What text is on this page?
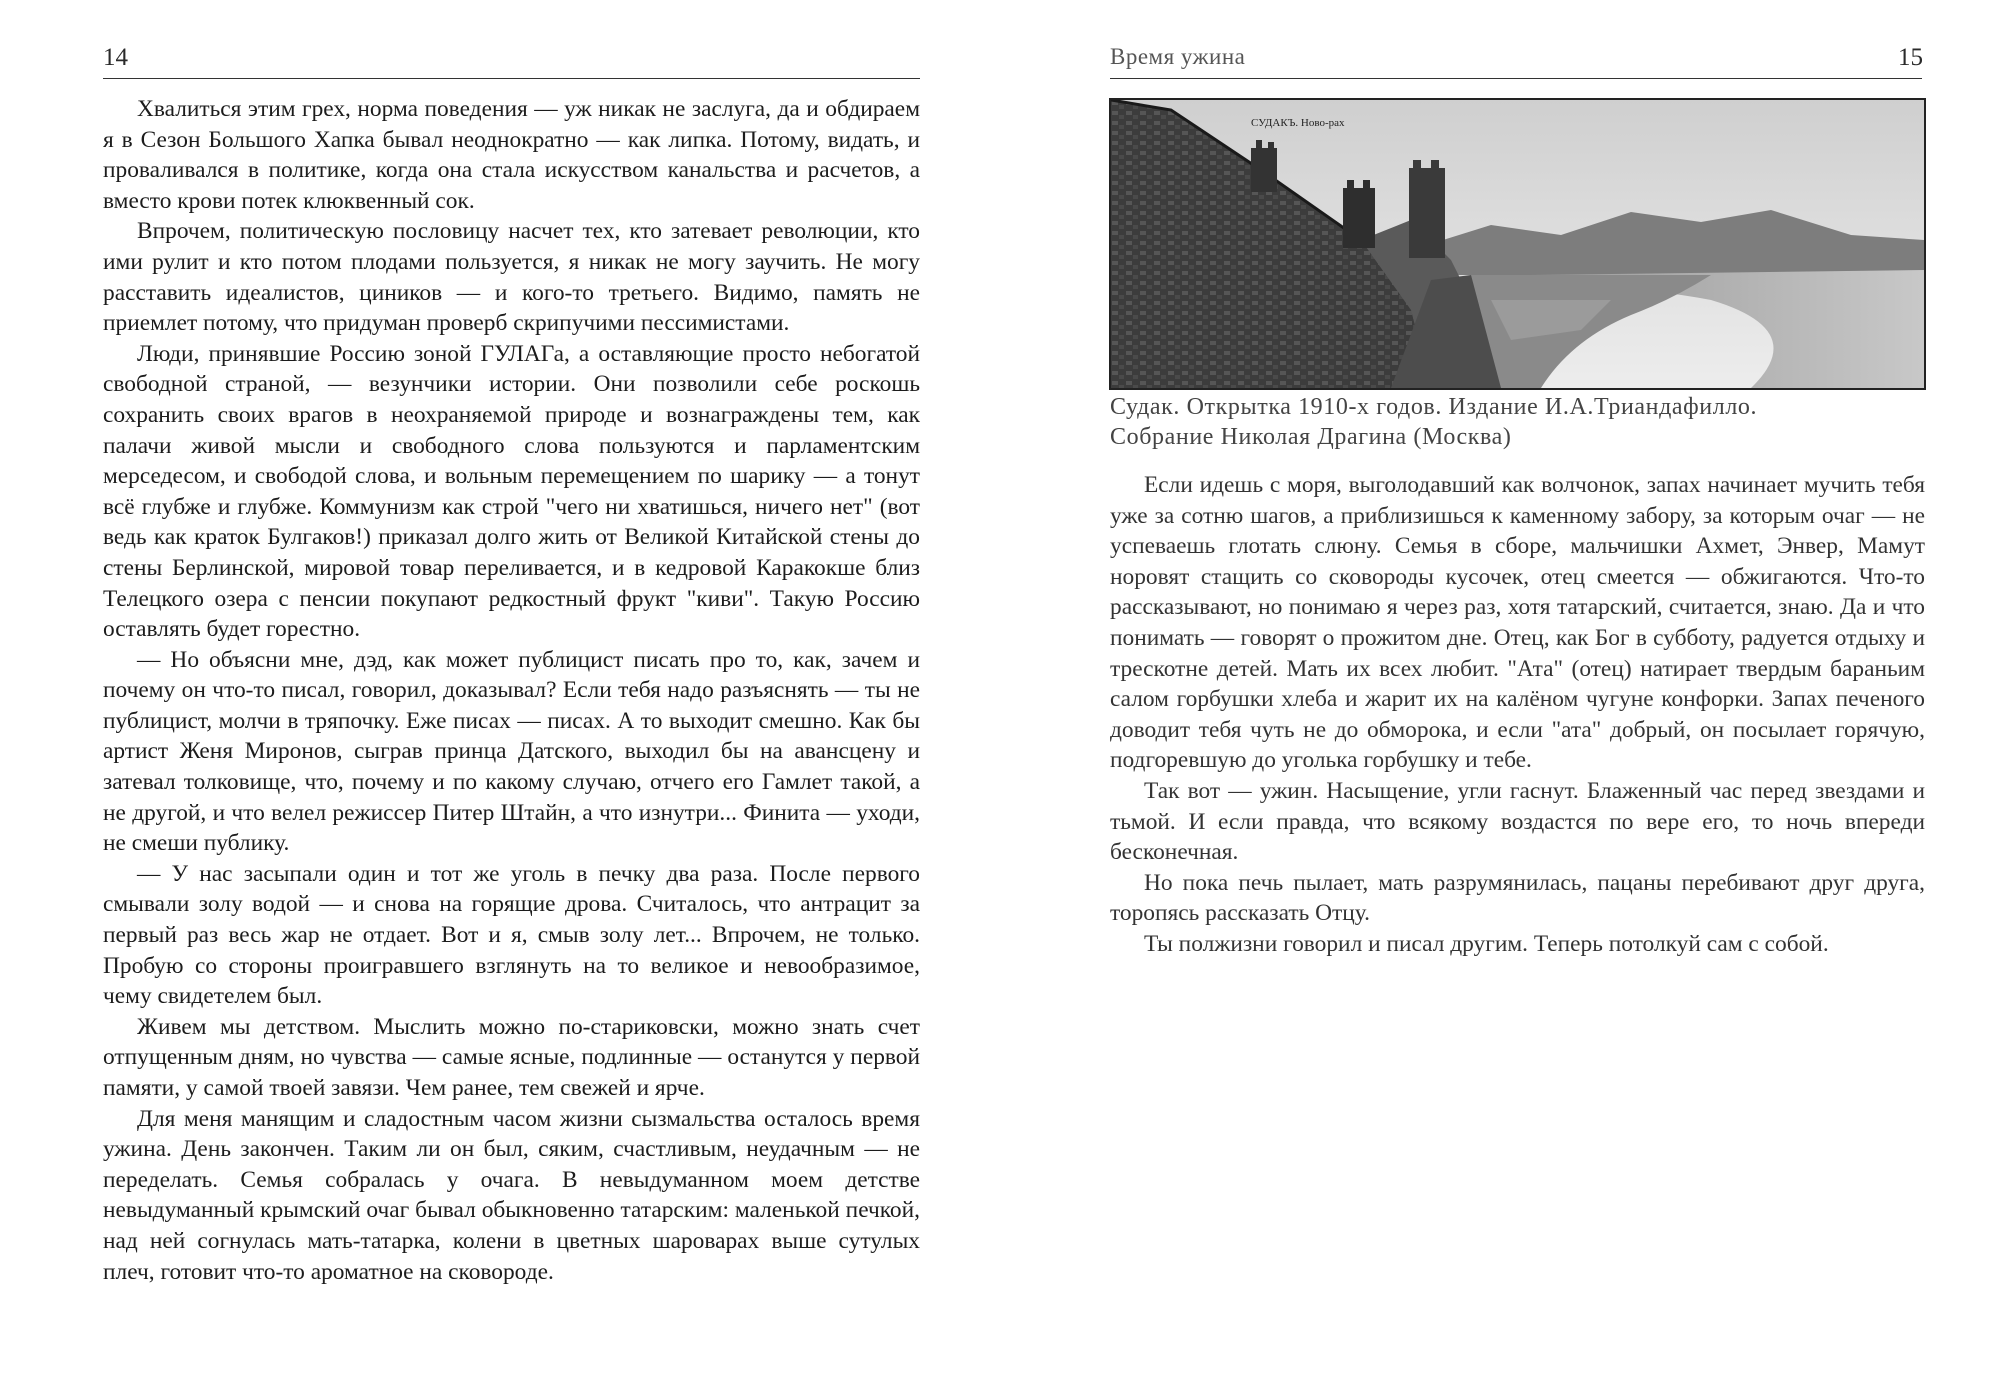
14

Хвалиться этим грех, норма поведения — уж никак не заслуга, да и обдираем я в Сезон Большого Хапка бывал неоднократно — как липка. Потому, видать, и проваливался в политике, когда она стала искусством канальства и расчетов, а вместо крови потек клюквенный сок.

Впрочем, политическую пословицу насчет тех, кто затевает революции, кто ими рулит и кто потом плодами пользуется, я никак не могу заучить. Не могу расставить идеалистов, циников — и кого-то третьего. Видимо, память не приемлет потому, что придуман проверб скрипучими пессимистами.

Люди, принявшие Россию зоной ГУЛАГа, а оставляющие просто небогатой свободной страной, — везунчики истории. Они позволили себе роскошь сохранить своих врагов в неохраняемой природе и вознаграждены тем, как палачи живой мысли и свободного слова пользуются и парламентским мерседесом, и свободой слова, и вольным перемещением по шарику — а тонут всё глубже и глубже. Коммунизм как строй "чего ни хватишься, ничего нет" (вот ведь как краток Булгаков!) приказал долго жить от Великой Китайской стены до стены Берлинской, мировой товар переливается, и в кедровой Каракокше близ Телецкого озера с пенсии покупают редкостный фрукт "киви". Такую Россию оставлять будет горестно.

— Но объясни мне, дэд, как может публицист писать про то, как, зачем и почему он что-то писал, говорил, доказывал? Если тебя надо разъяснять — ты не публицист, молчи в тряпочку. Еже писах — писах. А то выходит смешно. Как бы артист Женя Миронов, сыграв принца Датского, выходил бы на авансцену и затевал толковище, что, почему и по какому случаю, отчего его Гамлет такой, а не другой, и что велел режиссер Питер Штайн, а что изнутри... Финита — уходи, не смеши публику.

— У нас засыпали один и тот же уголь в печку два раза. После первого смывали золу водой — и снова на горящие дрова. Считалось, что антрацит за первый раз весь жар не отдает. Вот и я, смыв золу лет... Впрочем, не только. Пробую со стороны проигравшего взглянуть на то великое и невообразимое, чему свидетелем был.

Живем мы детством. Мыслить можно по-стариковски, можно знать счет отпущенным дням, но чувства — самые ясные, подлинные — останутся у первой памяти, у самой твоей завязи. Чем ранее, тем свежей и ярче.

Для меня манящим и сладостным часом жизни сызмальства осталось время ужина. День закончен. Таким ли он был, сяким, счастливым, неудачным — не переделать. Семья собралась у очага. В невыдуманном моем детстве невыдуманный крымский очаг бывал обыкновенно татарским: маленькой печкой, над ней согнулась мать-татарка, колени в цветных шароварах выше сутулых плеч, готовит что-то ароматное на сковороде.

Время ужина	15
СУДАКЪ. Ново-рах
Судак. Открытка 1910-х годов. Издание И.А.Триандафилло.
Собрание Николая Драгина (Москва)

Если идешь с моря, выголодавший как волчонок, запах начинает мучить тебя уже за сотню шагов, а приблизишься к каменному забору, за которым очаг — не успеваешь глотать слюну. Семья в сборе, мальчишки Ахмет, Энвер, Мамут норовят стащить со сковороды кусочек, отец смеется — обжигаются. Что-то рассказывают, но понимаю я через раз, хотя татарский, считается, знаю. Да и что понимать — говорят о прожитом дне. Отец, как Бог в субботу, радуется отдыху и трескотне детей. Мать их всех любит. "Ата" (отец) натирает твердым бараньим салом горбушки хлеба и жарит их на калёном чугуне конфорки. Запах печеного доводит тебя чуть не до обморока, и если "ата" добрый, он посылает горячую, подгоревшую до уголька горбушку и тебе.

Так вот — ужин. Насыщение, угли гаснут. Блаженный час перед звездами и тьмой. И если правда, что всякому воздастся по вере его, то ночь впереди бесконечная.

Но пока печь пылает, мать разрумянилась, пацаны перебивают друг друга, торопясь рассказать Отцу.

Ты полжизни говорил и писал другим. Теперь потолкуй сам с собой.
